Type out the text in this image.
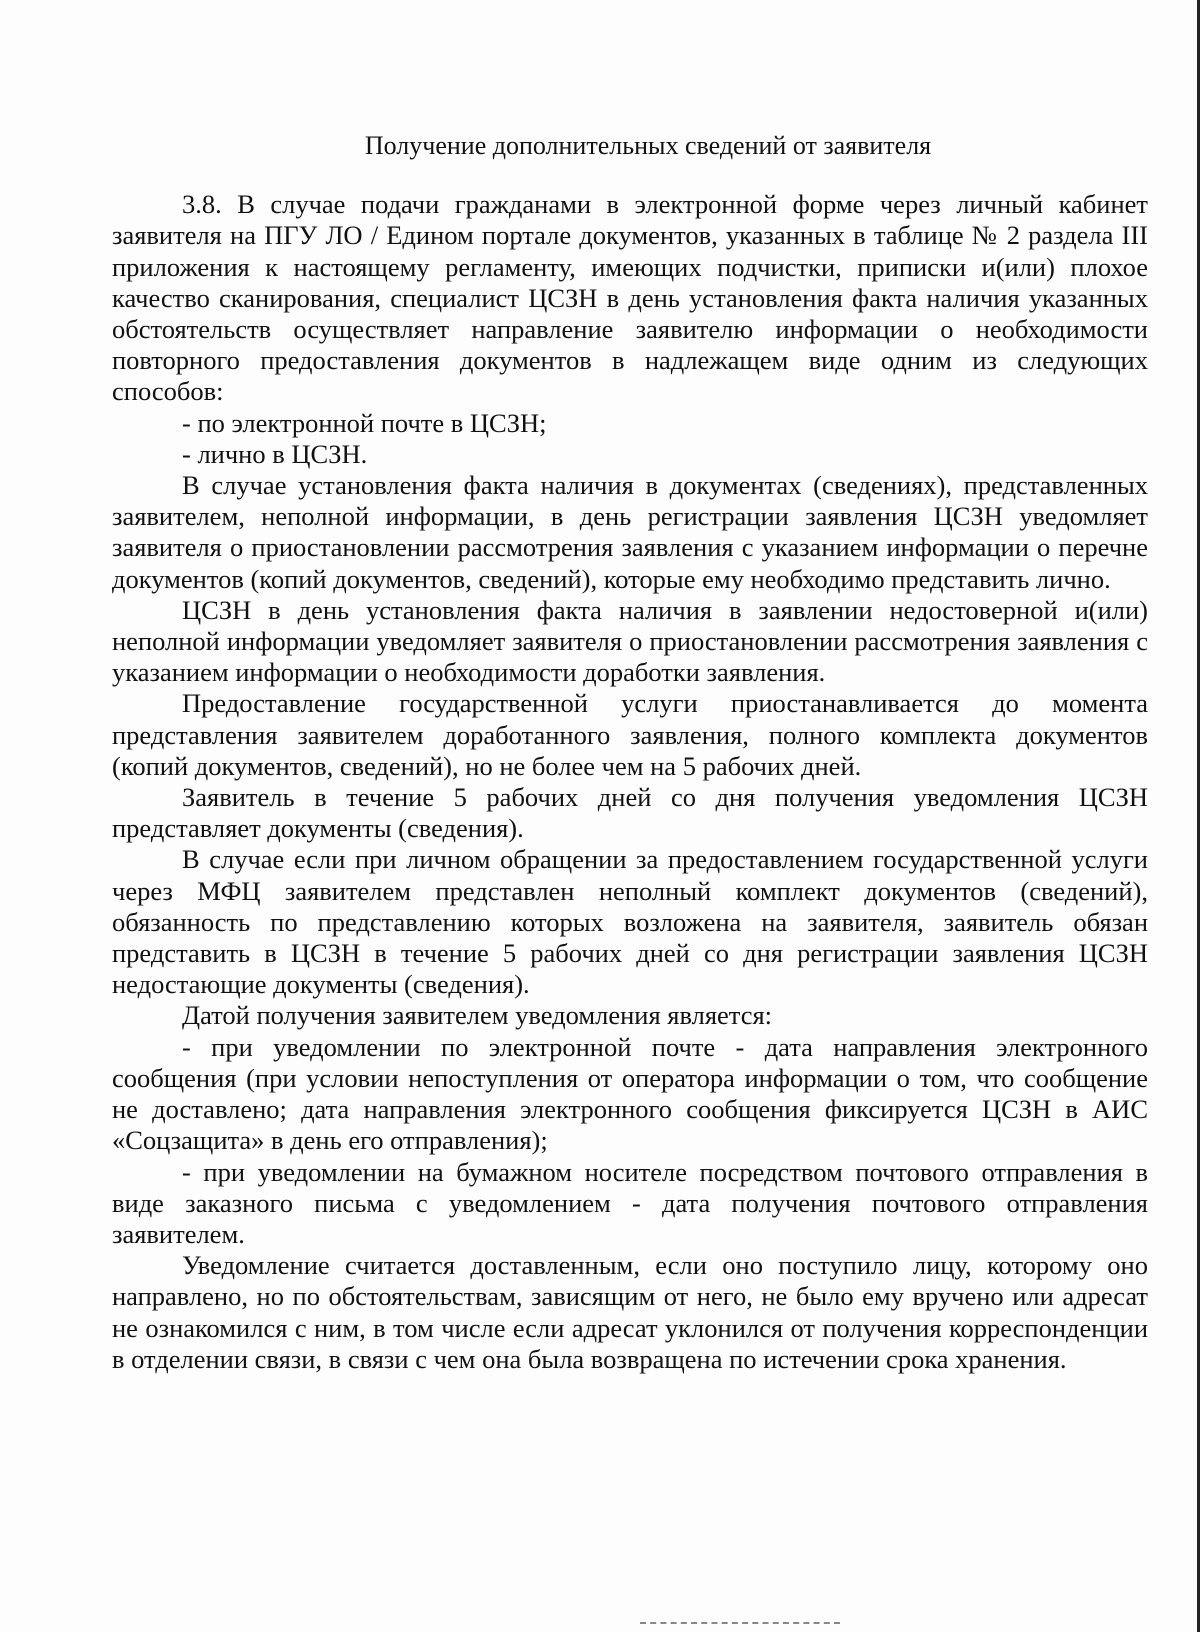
Получение дополнительных сведений от заявителя

3.8. В случае подачи гражданами в электронной форме через личный кабинет заявителя на ПГУ ЛО / Едином портале документов, указанных в таблице № 2 раздела III приложения к настоящему регламенту, имеющих подчистки, приписки и(или) плохое качество сканирования, специалист ЦСЗН в день установления факта наличия указанных обстоятельств осуществляет направление заявителю информации о необходимости повторного предоставления документов в надлежащем виде одним из следующих способов:

- по электронной почте в ЦСЗН;

- лично в ЦСЗН.

В случае установления факта наличия в документах (сведениях), представленных заявителем, неполной информации, в день регистрации заявления ЦСЗН уведомляет заявителя о приостановлении рассмотрения заявления с указанием информации о перечне документов (копий документов, сведений), которые ему необходимо представить лично.

ЦСЗН в день установления факта наличия в заявлении недостоверной и(или) неполной информации уведомляет заявителя о приостановлении рассмотрения заявления с указанием информации о необходимости доработки заявления.

Предоставление государственной услуги приостанавливается до момента представления заявителем доработанного заявления, полного комплекта документов (копий документов, сведений), но не более чем на 5 рабочих дней.

Заявитель в течение 5 рабочих дней со дня получения уведомления ЦСЗН представляет документы (сведения).

В случае если при личном обращении за предоставлением государственной услуги через МФЦ заявителем представлен неполный комплект документов (сведений), обязанность по представлению которых возложена на заявителя, заявитель обязан представить в ЦСЗН в течение 5 рабочих дней со дня регистрации заявления ЦСЗН недостающие документы (сведения).

Датой получения заявителем уведомления является:

- при уведомлении по электронной почте - дата направления электронного сообщения (при условии непоступления от оператора информации о том, что сообщение не доставлено; дата направления электронного сообщения фиксируется ЦСЗН в АИС «Соцзащита» в день его отправления);

- при уведомлении на бумажном носителе посредством почтового отправления в виде заказного письма с уведомлением - дата получения почтового отправления заявителем.

Уведомление считается доставленным, если оно поступило лицу, которому оно направлено, но по обстоятельствам, зависящим от него, не было ему вручено или адресат не ознакомился с ним, в том числе если адресат уклонился от получения корреспонденции в отделении связи, в связи с чем она была возвращена по истечении срока хранения.
